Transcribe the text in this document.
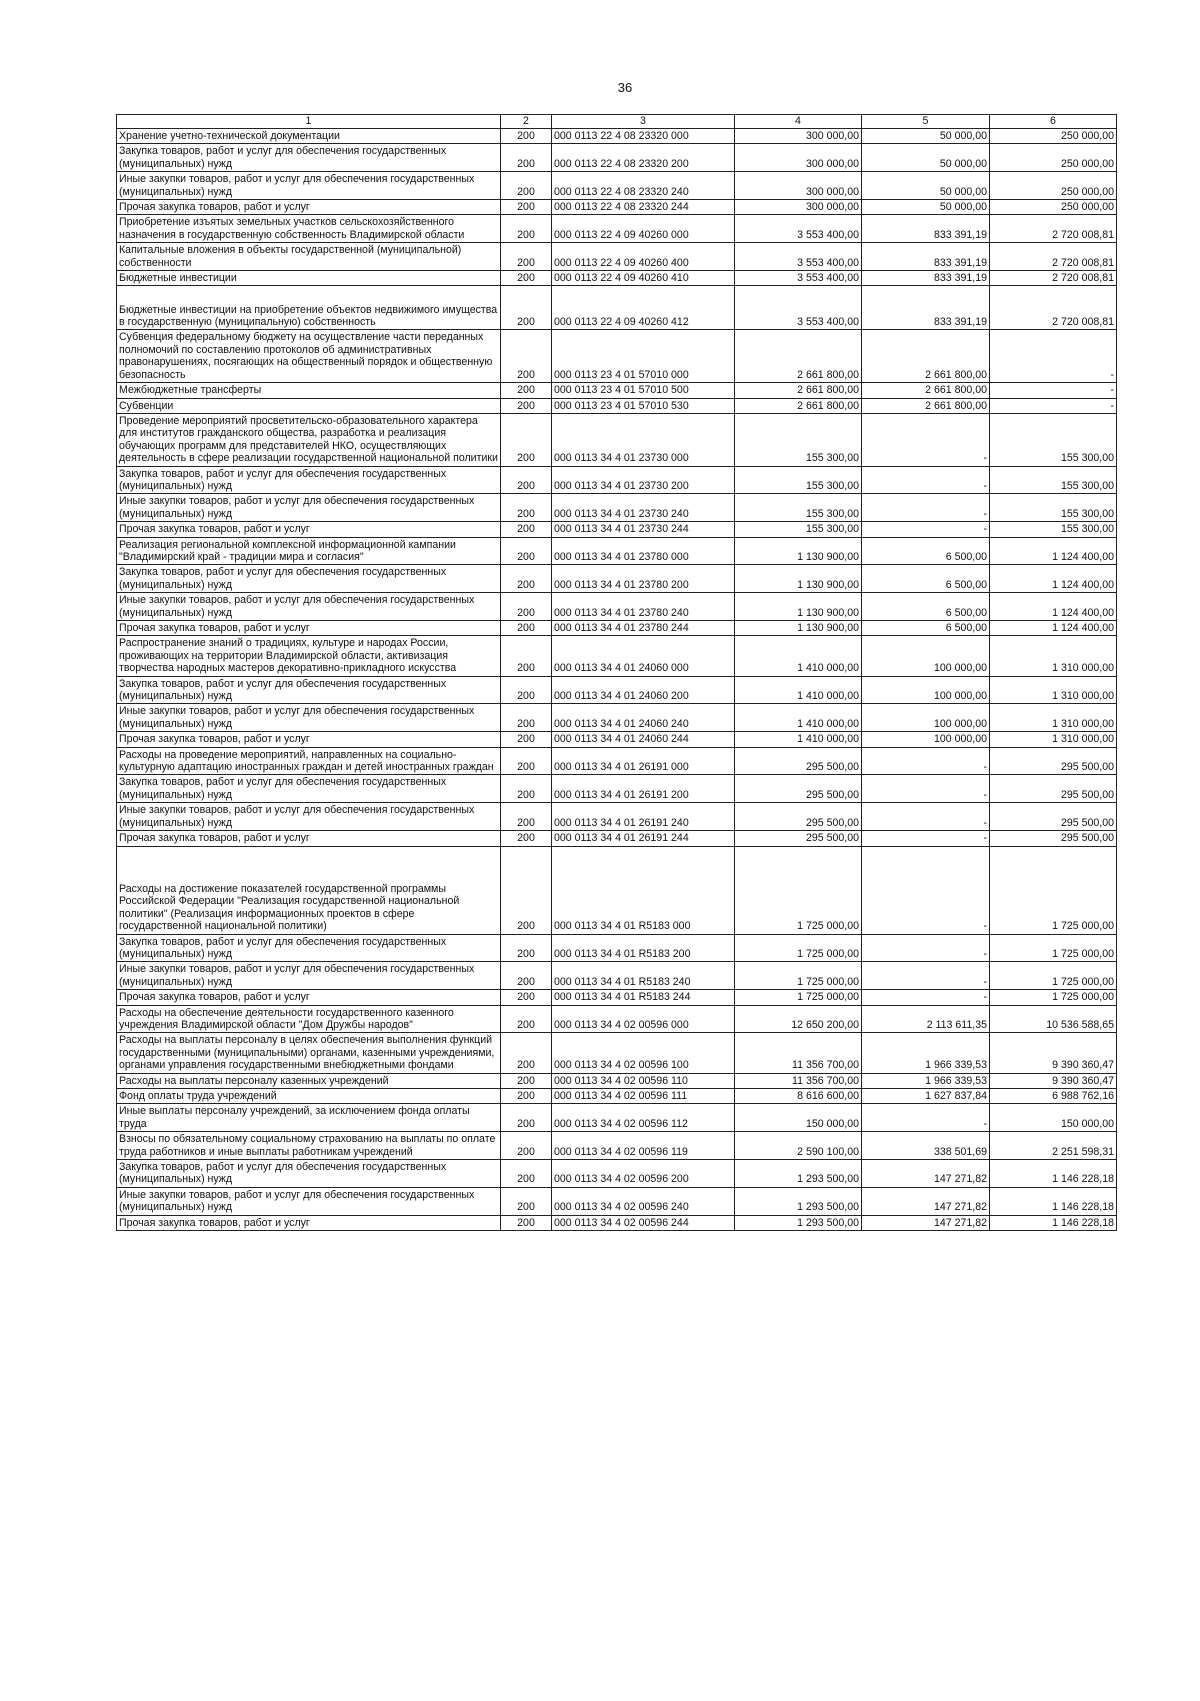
36
1	2	3	4	5	6
Хранение учетно-технической документации	200	000 0113 22 4 08 23320 000	300 000,00	50 000,00	250 000,00
Закупка товаров, работ и услуг для обеспечения государственных (муниципальных) нужд	200	000 0113 22 4 08 23320 200	300 000,00	50 000,00	250 000,00
Иные закупки товаров, работ и услуг для обеспечения государственных (муниципальных) нужд	200	000 0113 22 4 08 23320 240	300 000,00	50 000,00	250 000,00
Прочая закупка товаров, работ и услуг	200	000 0113 22 4 08 23320 244	300 000,00	50 000,00	250 000,00
Приобретение изъятых земельных участков сельскохозяйственного назначения в государственную собственность Владимирской области	200	000 0113 22 4 09 40260 000	3 553 400,00	833 391,19	2 720 008,81
Капитальные вложения в объекты государственной (муниципальной) собственности	200	000 0113 22 4 09 40260 400	3 553 400,00	833 391,19	2 720 008,81
Бюджетные инвестиции	200	000 0113 22 4 09 40260 410	3 553 400,00	833 391,19	2 720 008,81
Бюджетные инвестиции на приобретение объектов недвижимого имущества в государственную (муниципальную) собственность	200	000 0113 22 4 09 40260 412	3 553 400,00	833 391,19	2 720 008,81
Субвенция федеральному бюджету на осуществление части переданных полномочий по составлению протоколов об административных правонарушениях, посягающих на общественный порядок и общественную безопасность	200	000 0113 23 4 01 57010 000	2 661 800,00	2 661 800,00	-
Межбюджетные трансферты	200	000 0113 23 4 01 57010 500	2 661 800,00	2 661 800,00	-
Субвенции	200	000 0113 23 4 01 57010 530	2 661 800,00	2 661 800,00	-
Проведение мероприятий просветительско-образовательного характера для институтов гражданского общества, разработка и реализация обучающих программ для представителей НКО, осуществляющих деятельность в сфере реализации государственной национальной политики	200	000 0113 34 4 01 23730 000	155 300,00	-	155 300,00
Закупка товаров, работ и услуг для обеспечения государственных (муниципальных) нужд	200	000 0113 34 4 01 23730 200	155 300,00	-	155 300,00
Иные закупки товаров, работ и услуг для обеспечения государственных (муниципальных) нужд	200	000 0113 34 4 01 23730 240	155 300,00	-	155 300,00
Прочая закупка товаров, работ и услуг	200	000 0113 34 4 01 23730 244	155 300,00	-	155 300,00
Реализация региональной комплексной информационной кампании "Владимирский край - традиции мира и согласия"	200	000 0113 34 4 01 23780 000	1 130 900,00	6 500,00	1 124 400,00
Закупка товаров, работ и услуг для обеспечения государственных (муниципальных) нужд	200	000 0113 34 4 01 23780 200	1 130 900,00	6 500,00	1 124 400,00
Иные закупки товаров, работ и услуг для обеспечения государственных (муниципальных) нужд	200	000 0113 34 4 01 23780 240	1 130 900,00	6 500,00	1 124 400,00
Прочая закупка товаров, работ и услуг	200	000 0113 34 4 01 23780 244	1 130 900,00	6 500,00	1 124 400,00
Распространение знаний о традициях, культуре и народах России, проживающих на территории Владимирской области, активизация творчества народных мастеров декоративно-прикладного искусства	200	000 0113 34 4 01 24060 000	1 410 000,00	100 000,00	1 310 000,00
Закупка товаров, работ и услуг для обеспечения государственных (муниципальных) нужд	200	000 0113 34 4 01 24060 200	1 410 000,00	100 000,00	1 310 000,00
Иные закупки товаров, работ и услуг для обеспечения государственных (муниципальных) нужд	200	000 0113 34 4 01 24060 240	1 410 000,00	100 000,00	1 310 000,00
Прочая закупка товаров, работ и услуг	200	000 0113 34 4 01 24060 244	1 410 000,00	100 000,00	1 310 000,00
Расходы на проведение мероприятий, направленных на социально-культурную адаптацию иностранных граждан и детей иностранных граждан	200	000 0113 34 4 01 26191 000	295 500,00	-	295 500,00
Закупка товаров, работ и услуг для обеспечения государственных (муниципальных) нужд	200	000 0113 34 4 01 26191 200	295 500,00	-	295 500,00
Иные закупки товаров, работ и услуг для обеспечения государственных (муниципальных) нужд	200	000 0113 34 4 01 26191 240	295 500,00	-	295 500,00
Прочая закупка товаров, работ и услуг	200	000 0113 34 4 01 26191 244	295 500,00	-	295 500,00
Расходы на достижение показателей государственной программы Российской Федерации "Реализация государственной национальной политики" (Реализация информационных проектов в сфере государственной национальной политики)	200	000 0113 34 4 01 R5183 000	1 725 000,00	-	1 725 000,00
Закупка товаров, работ и услуг для обеспечения государственных (муниципальных) нужд	200	000 0113 34 4 01 R5183 200	1 725 000,00	-	1 725 000,00
Иные закупки товаров, работ и услуг для обеспечения государственных (муниципальных) нужд	200	000 0113 34 4 01 R5183 240	1 725 000,00	-	1 725 000,00
Прочая закупка товаров, работ и услуг	200	000 0113 34 4 01 R5183 244	1 725 000,00	-	1 725 000,00
Расходы на обеспечение деятельности государственного казенного учреждения Владимирской области "Дом Дружбы народов"	200	000 0113 34 4 02 00596 000	12 650 200,00	2 113 611,35	10 536 588,65
Расходы на выплаты персоналу в целях обеспечения выполнения функций государственными (муниципальными) органами, казенными учреждениями, органами управления государственными внебюджетными фондами	200	000 0113 34 4 02 00596 100	11 356 700,00	1 966 339,53	9 390 360,47
Расходы на выплаты персоналу казенных учреждений	200	000 0113 34 4 02 00596 110	11 356 700,00	1 966 339,53	9 390 360,47
Фонд оплаты труда учреждений	200	000 0113 34 4 02 00596 111	8 616 600,00	1 627 837,84	6 988 762,16
Иные выплаты персоналу учреждений, за исключением фонда оплаты труда	200	000 0113 34 4 02 00596 112	150 000,00	-	150 000,00
Взносы по обязательному социальному страхованию на выплаты по оплате труда работников и иные выплаты работникам учреждений	200	000 0113 34 4 02 00596 119	2 590 100,00	338 501,69	2 251 598,31
Закупка товаров, работ и услуг для обеспечения государственных (муниципальных) нужд	200	000 0113 34 4 02 00596 200	1 293 500,00	147 271,82	1 146 228,18
Иные закупки товаров, работ и услуг для обеспечения государственных (муниципальных) нужд	200	000 0113 34 4 02 00596 240	1 293 500,00	147 271,82	1 146 228,18
Прочая закупка товаров, работ и услуг	200	000 0113 34 4 02 00596 244	1 293 500,00	147 271,82	1 146 228,18
